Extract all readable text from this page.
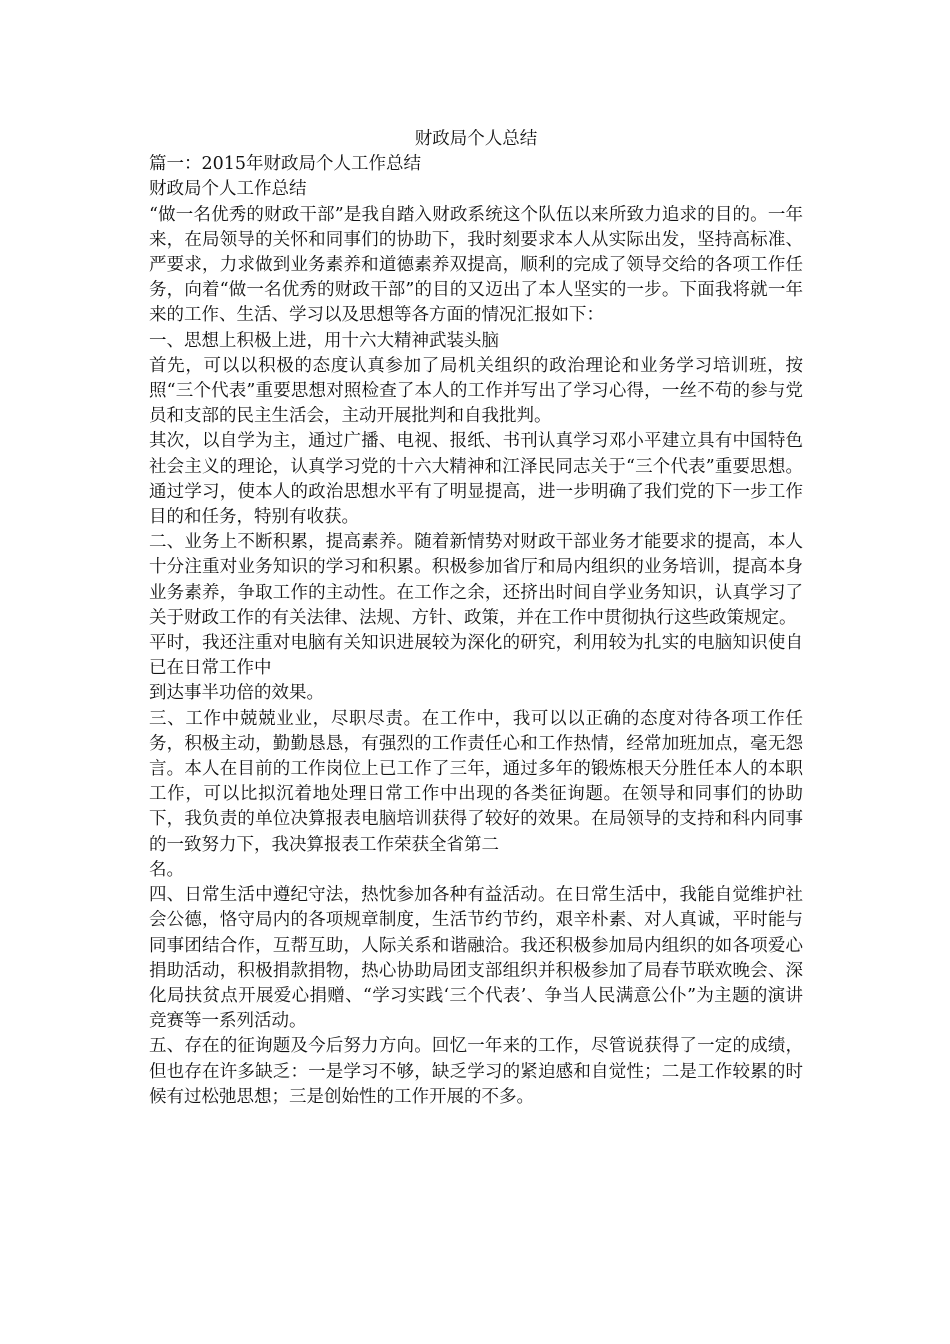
财政局个人总结

篇一：2015年财政局个人工作总结

财政局个人工作总结

“做一名优秀的财政干部”是我自踏入财政系统这个队伍以来所致力追求的目的。一年来，在局领导的关怀和同事们的协助下，我时刻要求本人从实际出发，坚持高标准、严要求，力求做到业务素养和道德素养双提高，顺利的完成了领导交给的各项工作任务，向着“做一名优秀的财政干部”的目的又迈出了本人坚实的一步。下面我将就一年来的工作、生活、学习以及思想等各方面的情况汇报如下：

一、思想上积极上进，用十六大精神武装头脑

首先，可以以积极的态度认真参加了局机关组织的政治理论和业务学习培训班，按照“三个代表”重要思想对照检查了本人的工作并写出了学习心得，一丝不苟的参与党员和支部的民主生活会，主动开展批判和自我批判。

其次，以自学为主，通过广播、电视、报纸、书刊认真学习邓小平建立具有中国特色社会主义的理论，认真学习党的十六大精神和江泽民同志关于“三个代表”重要思想。通过学习，使本人的政治思想水平有了明显提高，进一步明确了我们党的下一步工作目的和任务，特别有收获。

二、业务上不断积累，提高素养。随着新情势对财政干部业务才能要求的提高，本人十分注重对业务知识的学习和积累。积极参加省厅和局内组织的业务培训，提高本身业务素养，争取工作的主动性。在工作之余，还挤出时间自学业务知识，认真学习了关于财政工作的有关法律、法规、方针、政策，并在工作中贯彻执行这些政策规定。

平时，我还注重对电脑有关知识进展较为深化的研究，利用较为扎实的电脑知识使自已在日常工作中

到达事半功倍的效果。

三、工作中兢兢业业，尽职尽责。在工作中，我可以以正确的态度对待各项工作任务，积极主动，勤勤恳恳，有强烈的工作责任心和工作热情，经常加班加点，毫无怨言。本人在目前的工作岗位上已工作了三年，通过多年的锻炼根天分胜任本人的本职工作，可以比拟沉着地处理日常工作中出现的各类征询题。在领导和同事们的协助下，我负责的单位决算报表电脑培训获得了较好的效果。在局领导的支持和科内同事的一致努力下，我决算报表工作荣获全省第二

名。

四、日常生活中遵纪守法，热忱参加各种有益活动。在日常生活中，我能自觉维护社会公德，恪守局内的各项规章制度，生活节约节约，艰辛朴素、对人真诚，平时能与同事团结合作，互帮互助，人际关系和谐融洽。我还积极参加局内组织的如各项爱心捐助活动，积极捐款捐物，热心协助局团支部组织并积极参加了局春节联欢晚会、深化局扶贫点开展爱心捐赠、“学习实践‘三个代表’、争当人民满意公仆”为主题的演讲竞赛等一系列活动。

五、存在的征询题及今后努力方向。回忆一年来的工作，尽管说获得了一定的成绩，但也存在许多缺乏：一是学习不够，缺乏学习的紧迫感和自觉性；二是工作较累的时候有过松弛思想；三是创始性的工作开展的不多。
